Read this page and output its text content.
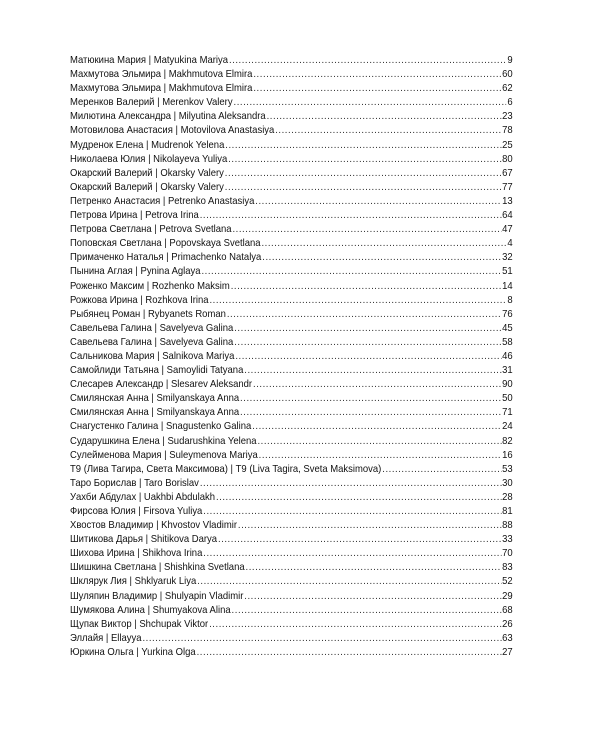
Матюкина Мария | Matyukina Mariya .....	9
Махмутова Эльмира | Makhmutova Elmira .....	60
Махмутова Эльмира | Makhmutova Elmira .....	62
Меренков Валерий | Merenkov Valery .....	6
Милютина Александра | Milyutina Aleksandra .....	23
Мотовилова Анастасия | Motovilova Anastasiya .....	78
Мудренок Елена | Mudrenok Yelena .....	25
Николаева Юлия | Nikolayeva Yuliya .....	80
Окарский Валерий | Okarsky Valery .....	67
Окарский Валерий | Okarsky Valery .....	77
Петренко Анастасия | Petrenko Anastasiya .....	13
Петрова Ирина | Petrova Irina .....	64
Петрова Светлана | Petrova Svetlana .....	47
Поповская Светлана | Popovskaya Svetlana .....	4
Примаченко Наталья | Primachenko Natalya .....	32
Пынина Аглая | Pynina Aglaya .....	51
Роженко Максим | Rozhenko Maksim .....	14
Рожкова Ирина | Rozhkova Irina .....	8
Рыбянец Роман | Rybyanets Roman .....	76
Савельева Галина | Savelyeva Galina .....	45
Савельева Галина | Savelyeva Galina .....	58
Сальникова Мария | Salnikova Mariya .....	46
Самойлиди Татьяна | Samoylidi Tatyana .....	31
Слесарев Александр | Slesarev Aleksandr .....	90
Смилянская Анна | Smilyanskaya Anna .....	50
Смилянская Анна | Smilyanskaya Anna .....	71
Снагустенко Галина | Snagustenko Galina .....	24
Сударушкина Елена | Sudarushkina Yelena .....	82
Сулейменова Мария | Suleymenova Mariya .....	16
Т9 (Лива Тагира, Света Максимова) | T9 (Liva Tagira, Sveta Maksimova) .....	53
Таро Борислав | Taro Borislav .....	30
Уахби Абдулах | Uakhbi Abdulakh .....	28
Фирсова Юлия | Firsova Yuliya .....	81
Хвостов Владимир | Khvostov Vladimir .....	88
Шитикова Дарья | Shitikova Darya .....	33
Шихова Ирина | Shikhova Irina .....	70
Шишкина Светлана | Shishkina Svetlana .....	83
Шклярук Лия | Shklyaruk Liya .....	52
Шуляпин Владимир | Shulyapin Vladimir .....	29
Шумякова Алина | Shumyakova Alina .....	68
Щупак Виктор | Shchupak Viktor .....	26
Эллайя | Ellayya .....	63
Юркина Ольга | Yurkina Olga .....	27
